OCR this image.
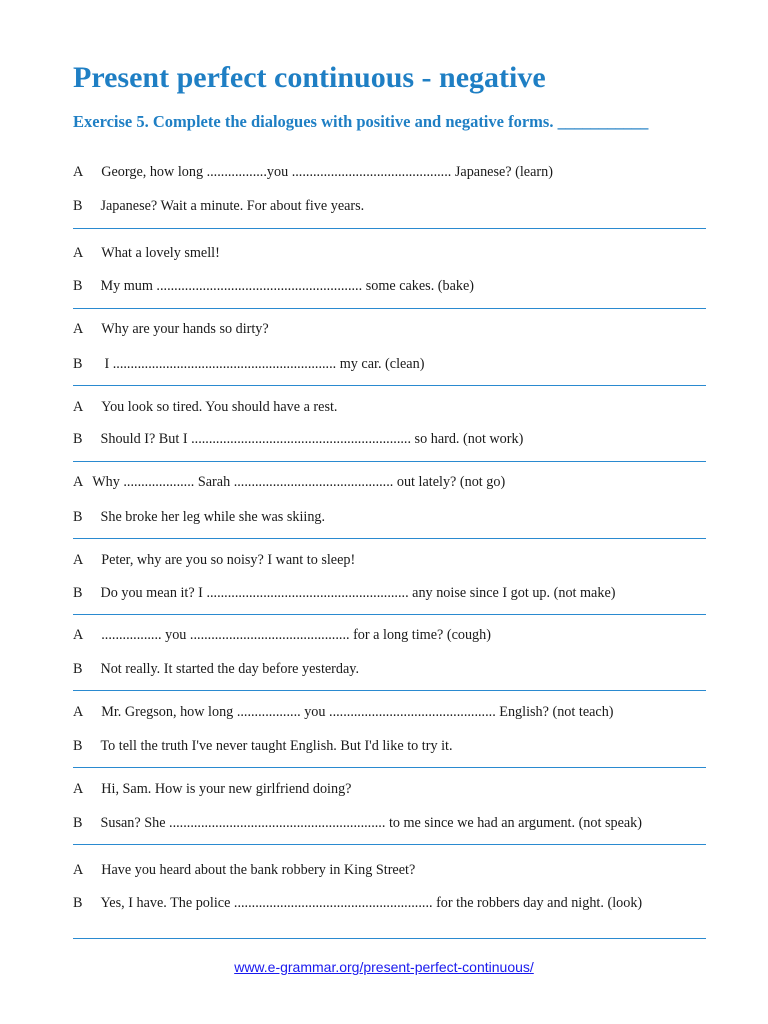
Present perfect continuous - negative
Exercise 5. Complete the dialogues with positive and negative forms. ___________
A George, how long .................you ............................................. Japanese? (learn)
B Japanese? Wait a minute. For about five years.
A What a lovely smell!
B My mum .......................................................... some cakes. (bake)
A Why are your hands so dirty?
B I ............................................................... my car. (clean)
A You look so tired. You should have a rest.
B Should I? But I .............................................................. so hard. (not work)
A Why .................... Sarah ............................................. out lately? (not go)
B She broke her leg while she was skiing.
A Peter, why are you so noisy? I want to sleep!
B Do you mean it? I ......................................................... any noise since I got up. (not make)
A ................. you ............................................. for a long time? (cough)
B Not really. It started the day before yesterday.
A Mr. Gregson, how long .................. you ............................................... English? (not teach)
B To tell the truth I've never taught English. But I'd like to try it.
A Hi, Sam. How is your new girlfriend doing?
B Susan? She ............................................................. to me since we had an argument. (not speak)
A Have you heard about the bank robbery in King Street?
B Yes, I have. The police ........................................................ for the robbers day and night. (look)
www.e-grammar.org/present-perfect-continuous/
